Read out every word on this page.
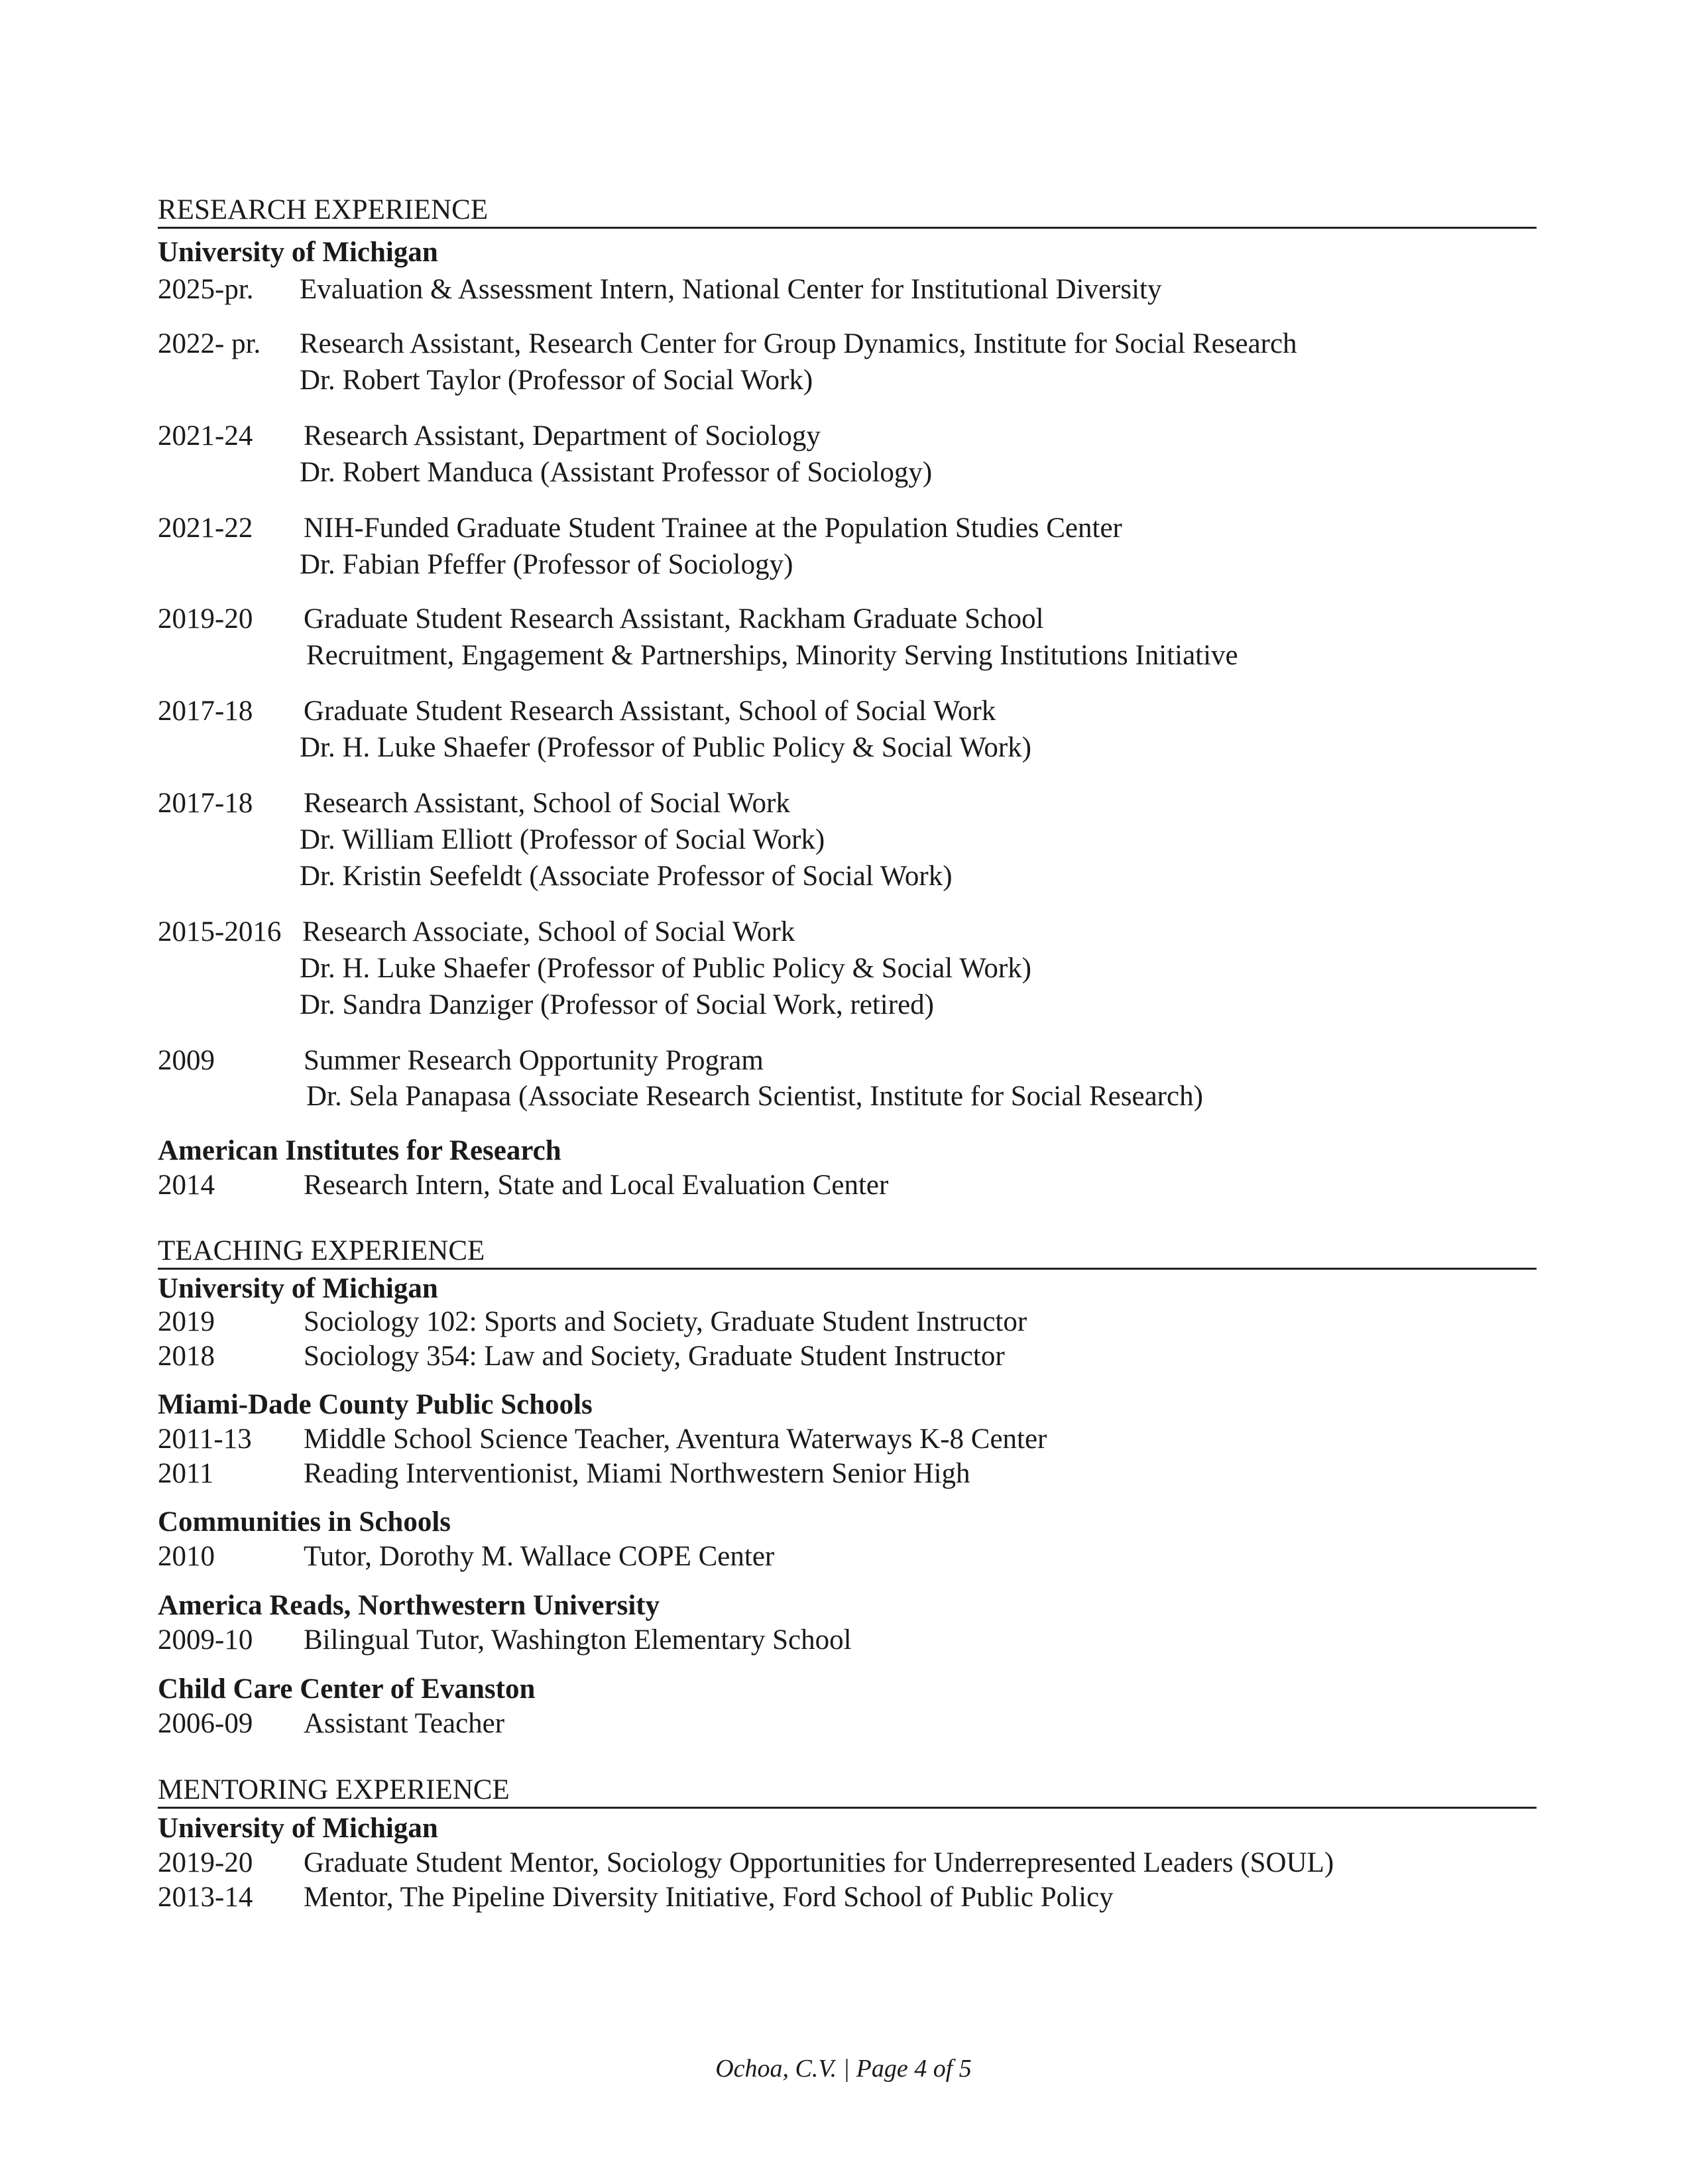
RESEARCH EXPERIENCE
University of Michigan
2025-pr. Evaluation & Assessment Intern, National Center for Institutional Diversity
2022- pr. Research Assistant, Research Center for Group Dynamics, Institute for Social Research
Dr. Robert Taylor (Professor of Social Work)
2021-24 Research Assistant, Department of Sociology
Dr. Robert Manduca (Assistant Professor of Sociology)
2021-22 NIH-Funded Graduate Student Trainee at the Population Studies Center
Dr. Fabian Pfeffer (Professor of Sociology)
2019-20 Graduate Student Research Assistant, Rackham Graduate School
Recruitment, Engagement & Partnerships, Minority Serving Institutions Initiative
2017-18 Graduate Student Research Assistant, School of Social Work
Dr. H. Luke Shaefer (Professor of Public Policy & Social Work)
2017-18 Research Assistant, School of Social Work
Dr. William Elliott (Professor of Social Work)
Dr. Kristin Seefeldt (Associate Professor of Social Work)
2015-2016 Research Associate, School of Social Work
Dr. H. Luke Shaefer (Professor of Public Policy & Social Work)
Dr. Sandra Danziger (Professor of Social Work, retired)
2009	Summer Research Opportunity Program
Dr. Sela Panapasa (Associate Research Scientist, Institute for Social Research)
American Institutes for Research
2014	Research Intern, State and Local Evaluation Center
TEACHING EXPERIENCE
University of Michigan
2019	Sociology 102: Sports and Society, Graduate Student Instructor
2018	Sociology 354: Law and Society, Graduate Student Instructor
Miami-Dade County Public Schools
2011-13 Middle School Science Teacher, Aventura Waterways K-8 Center
2011	Reading Interventionist, Miami Northwestern Senior High
Communities in Schools
2010	Tutor, Dorothy M. Wallace COPE Center
America Reads, Northwestern University
2009-10 Bilingual Tutor, Washington Elementary School
Child Care Center of Evanston
2006-09 Assistant Teacher
MENTORING EXPERIENCE
University of Michigan
2019-20 Graduate Student Mentor, Sociology Opportunities for Underrepresented Leaders (SOUL)
2013-14 Mentor, The Pipeline Diversity Initiative, Ford School of Public Policy
Ochoa, C.V. | Page 4 of 5
